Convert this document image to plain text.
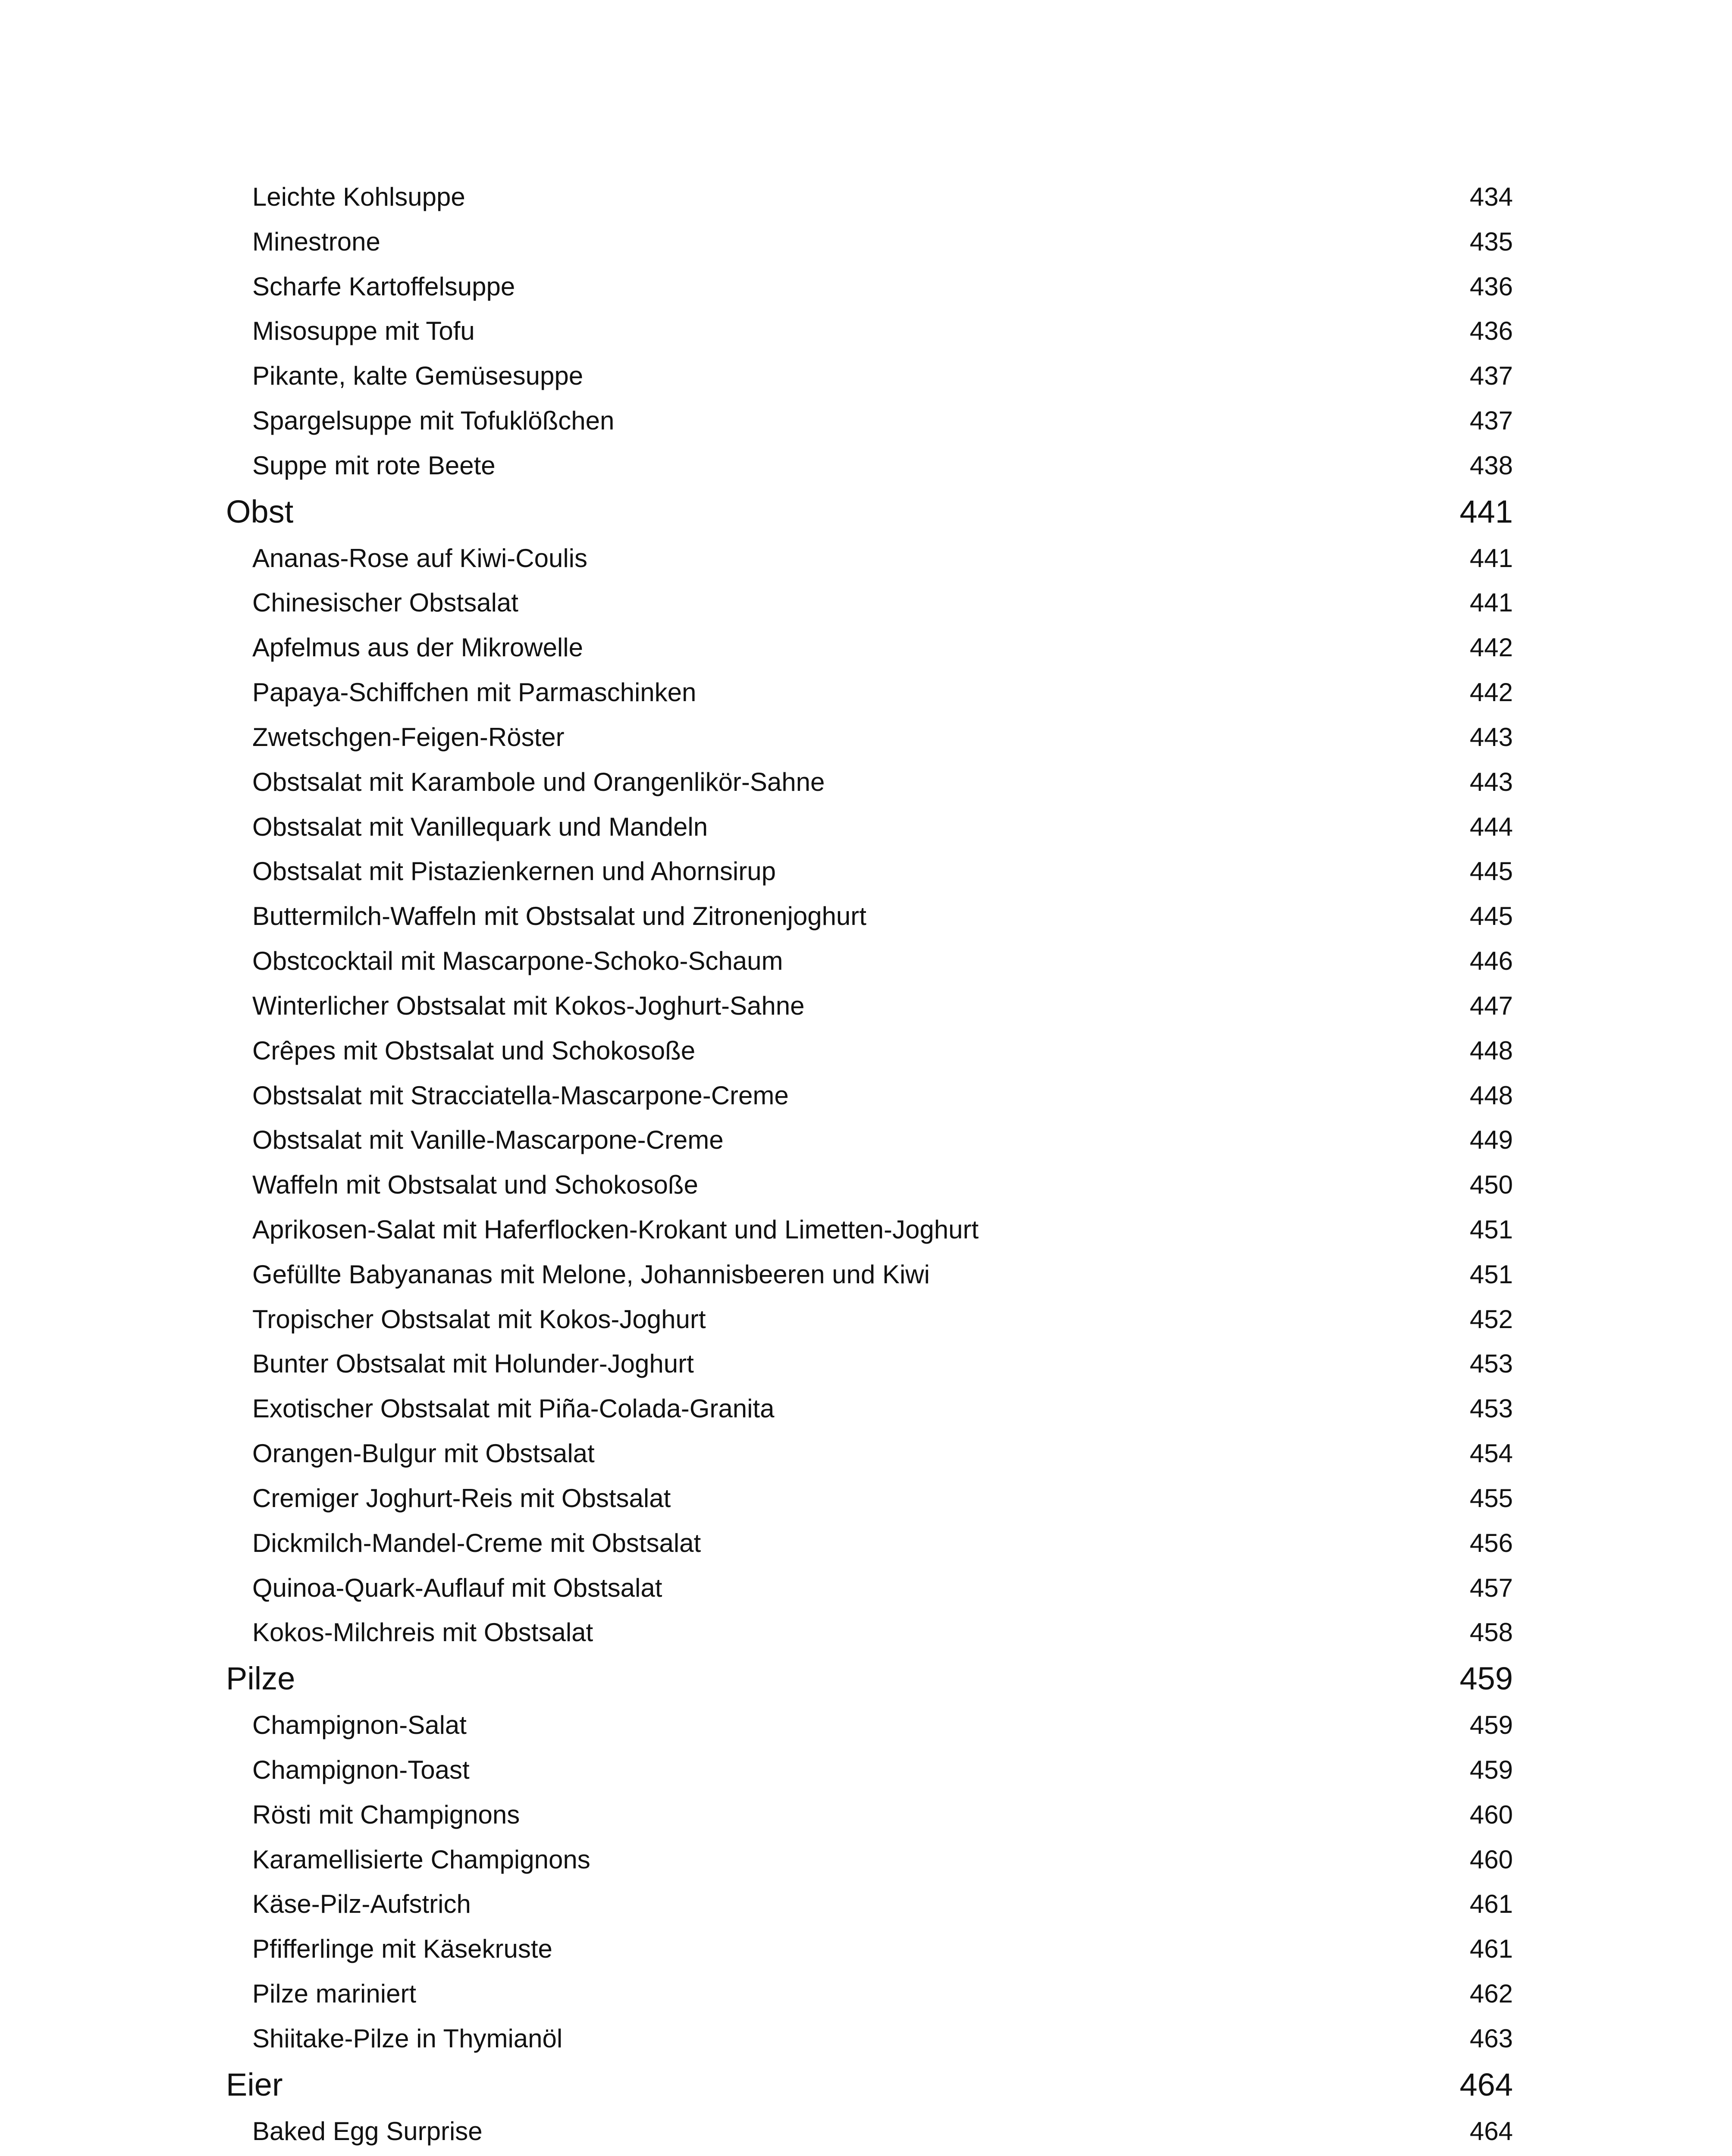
Leichte Kohlsuppe	434
Minestrone	435
Scharfe Kartoffelsuppe	436
Misosuppe mit Tofu	436
Pikante, kalte Gemüsesuppe	437
Spargelsuppe mit Tofuklößchen	437
Suppe mit rote Beete	438
Obst	441
Ananas-Rose auf Kiwi-Coulis	441
Chinesischer Obstsalat	441
Apfelmus aus der Mikrowelle	442
Papaya-Schiffchen mit Parmaschinken	442
Zwetschgen-Feigen-Röster	443
Obstsalat mit Karambole und Orangenlikör-Sahne	443
Obstsalat mit Vanillequark und Mandeln	444
Obstsalat mit Pistazienkernen und Ahornsirup	445
Buttermilch-Waffeln mit Obstsalat und Zitronenjoghurt	445
Obstcocktail mit Mascarpone-Schoko-Schaum	446
Winterlicher Obstsalat mit Kokos-Joghurt-Sahne	447
Crêpes mit Obstsalat und Schokosoße	448
Obstsalat mit Stracciatella-Mascarpone-Creme	448
Obstsalat mit Vanille-Mascarpone-Creme	449
Waffeln mit Obstsalat und Schokosoße	450
Aprikosen-Salat mit Haferflocken-Krokant und Limetten-Joghurt	451
Gefüllte Babyananas mit Melone, Johannisbeeren und Kiwi	451
Tropischer Obstsalat mit Kokos-Joghurt	452
Bunter Obstsalat mit Holunder-Joghurt	453
Exotischer Obstsalat mit Piña-Colada-Granita	453
Orangen-Bulgur mit Obstsalat	454
Cremiger Joghurt-Reis mit Obstsalat	455
Dickmilch-Mandel-Creme mit Obstsalat	456
Quinoa-Quark-Auflauf mit Obstsalat	457
Kokos-Milchreis mit Obstsalat	458
Pilze	459
Champignon-Salat	459
Champignon-Toast	459
Rösti mit Champignons	460
Karamellisierte Champignons	460
Käse-Pilz-Aufstrich	461
Pfifferlinge mit Käsekruste	461
Pilze mariniert	462
Shiitake-Pilze in Thymianöl	463
Eier	464
Baked Egg Surprise	464
